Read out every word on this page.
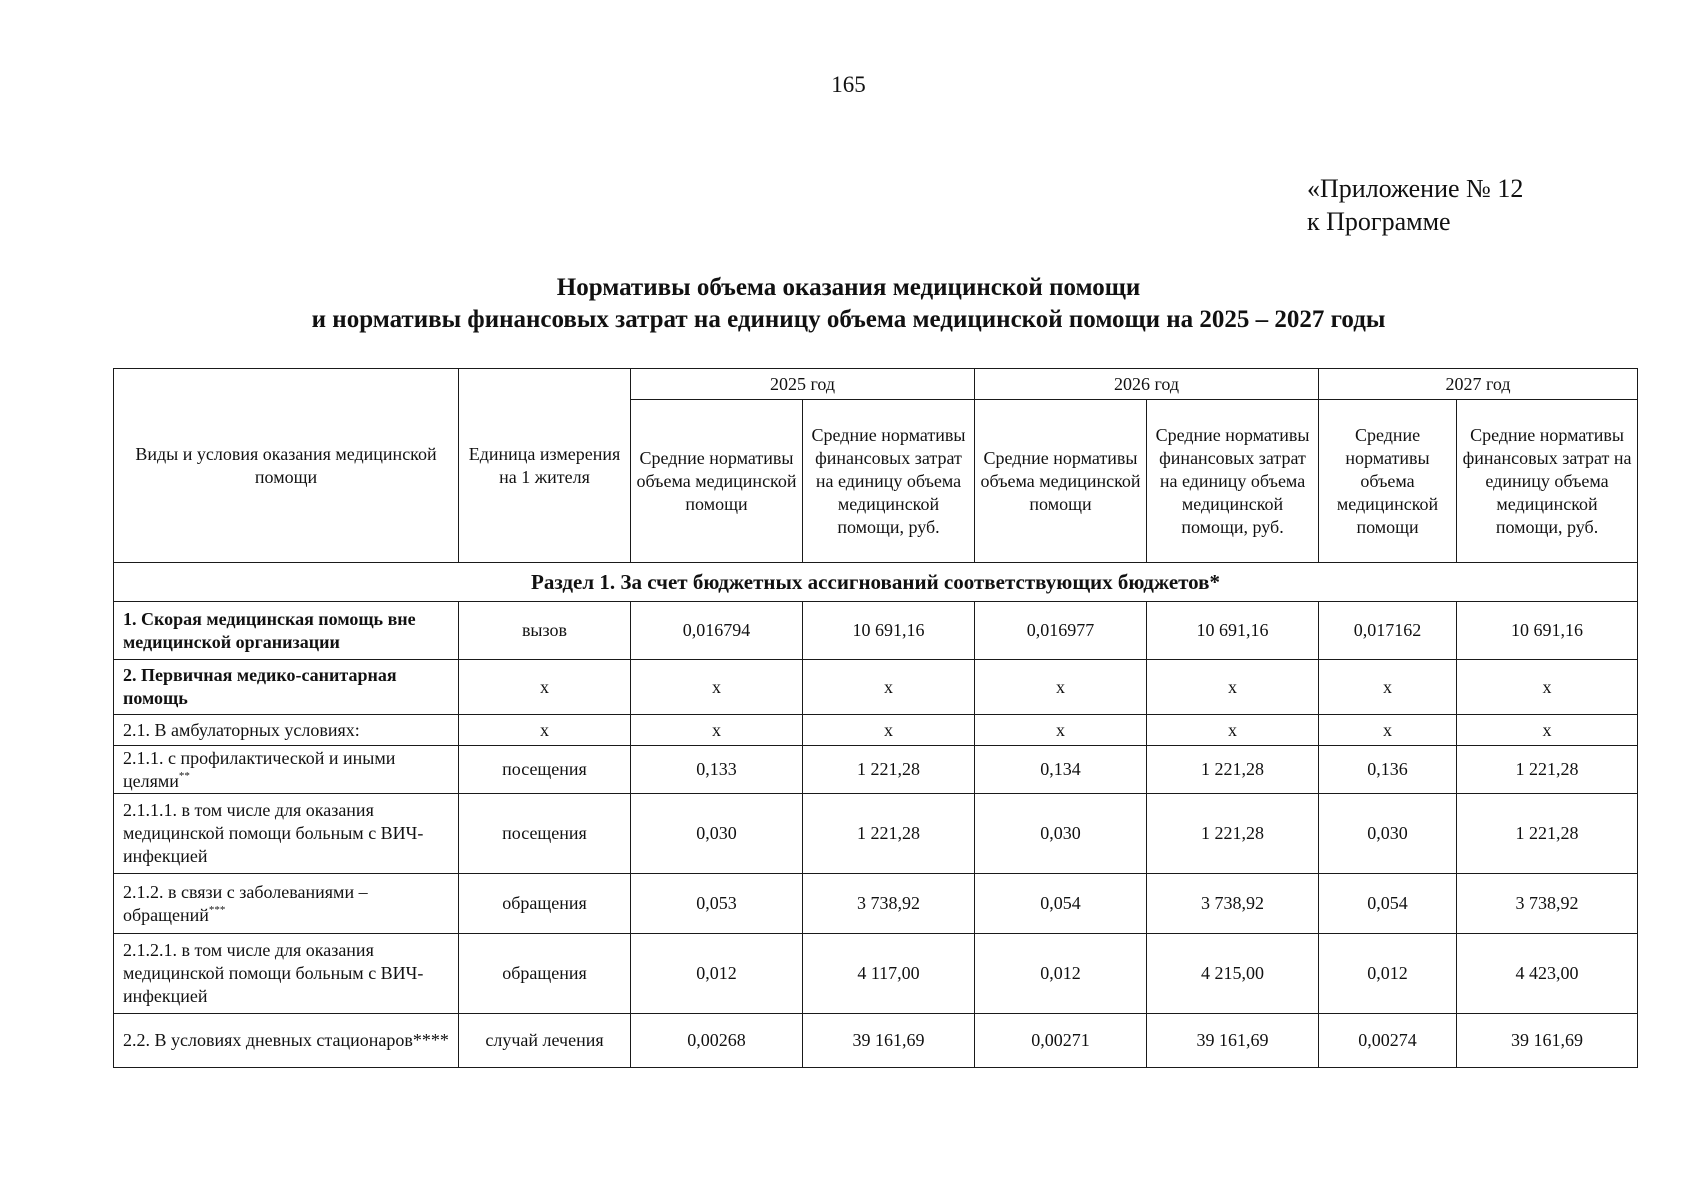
165
«Приложение № 12
к Программе
Нормативы объема оказания медицинской помощи
и нормативы финансовых затрат на единицу объема медицинской помощи на 2025 – 2027 годы
Виды и условия оказания медицинской помощи	Единица измерения на 1 жителя	2025 год		2026 год		2027 год	
		Средние нормативы объема медицинской помощи	Средние нормативы финансовых затрат на единицу объема медицинской помощи, руб.	Средние нормативы объема медицинской помощи	Средние нормативы финансовых затрат на единицу объема медицинской помощи, руб.	Средние нормативы объема медицинской помощи	Средние нормативы финансовых затрат на единицу объема медицинской помощи, руб.
Раздел 1. За счет бюджетных ассигнований соответствующих бюджетов*							
1. Скорая медицинская помощь вне медицинской организации	вызов	0,016794	10 691,16	0,016977	10 691,16	0,017162	10 691,16
2. Первичная медико-санитарная помощь	х	х	х	х	х	х	х
2.1. В амбулаторных условиях:	х	х	х	х	х	х	х
2.1.1. с профилактической и иными целями**	посещения	0,133	1 221,28	0,134	1 221,28	0,136	1 221,28
2.1.1.1. в том числе для оказания медицинской помощи больным с ВИЧ-инфекцией	посещения	0,030	1 221,28	0,030	1 221,28	0,030	1 221,28
2.1.2. в связи с заболеваниями – обращений***	обращения	0,053	3 738,92	0,054	3 738,92	0,054	3 738,92
2.1.2.1. в том числе для оказания медицинской помощи больным с ВИЧ-инфекцией	обращения	0,012	4 117,00	0,012	4 215,00	0,012	4 423,00
2.2. В условиях дневных стационаров****	случай лечения	0,00268	39 161,69	0,00271	39 161,69	0,00274	39 161,69
